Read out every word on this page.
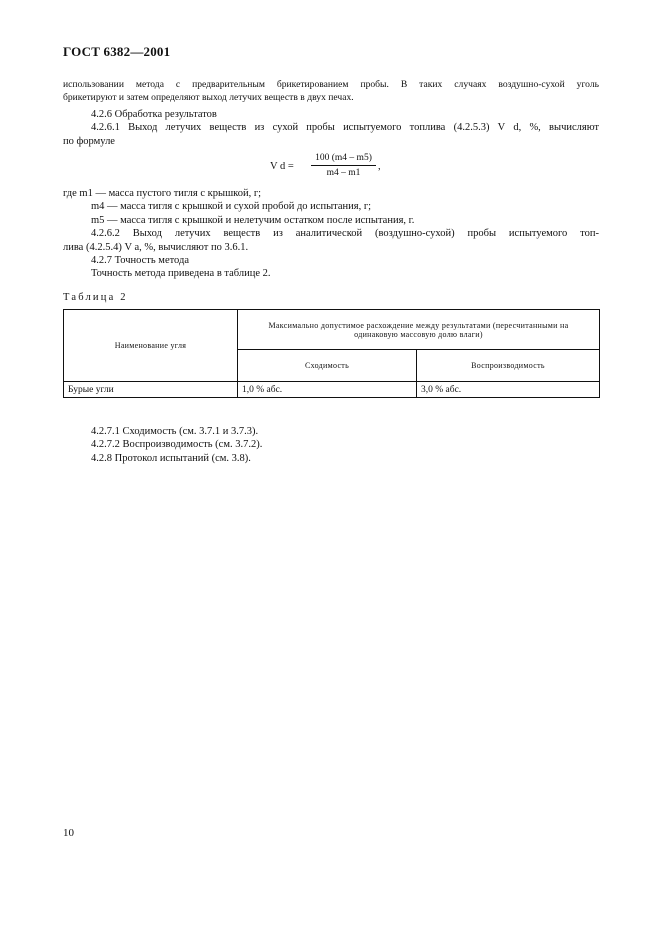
ГОСТ 6382—2001

использовании метода с предварительным брикетированием пробы. В таких случаях воздушно-сухой уголь

брикетируют и затем определяют выход летучих веществ в двух печах.

4.2.6 Обработка результатов

4.2.6.1 Выход летучих веществ из сухой пробы испытуемого топлива (4.2.5.3) V d, %, вычисляют

по формуле

V $d = \frac{100 (m4 - m5)}{m4 - m1}$ ,

где m1 — масса пустого тигля с крышкой, г;

m4 — масса тигля с крышкой и сухой пробой до испытания, г;

m5 — масса тигля с крышкой и нелетучим остатком после испытания, г.

4.2.6.2 Выход летучих веществ из аналитической (воздушно-сухой) пробы испытуемого топ-

лива (4.2.5.4) V a, %, вычисляют по 3.6.1.

4.2.7 Точность метода

Точность метода приведена в таблице 2.

Таблица 2
Наименование угля	Максимально допустимое расхождение между результатами (пересчитанными на одинаковую массовую долю влаги)	
	Сходимость	Воспроизводимость
Бурые угли	1,0 % абс.	3,0 % абс.

4.2.7.1 Сходимость (см. 3.7.1 и 3.7.3).

4.2.7.2 Воспроизводимость (см. 3.7.2).

4.2.8 Протокол испытаний (см. 3.8).

10
